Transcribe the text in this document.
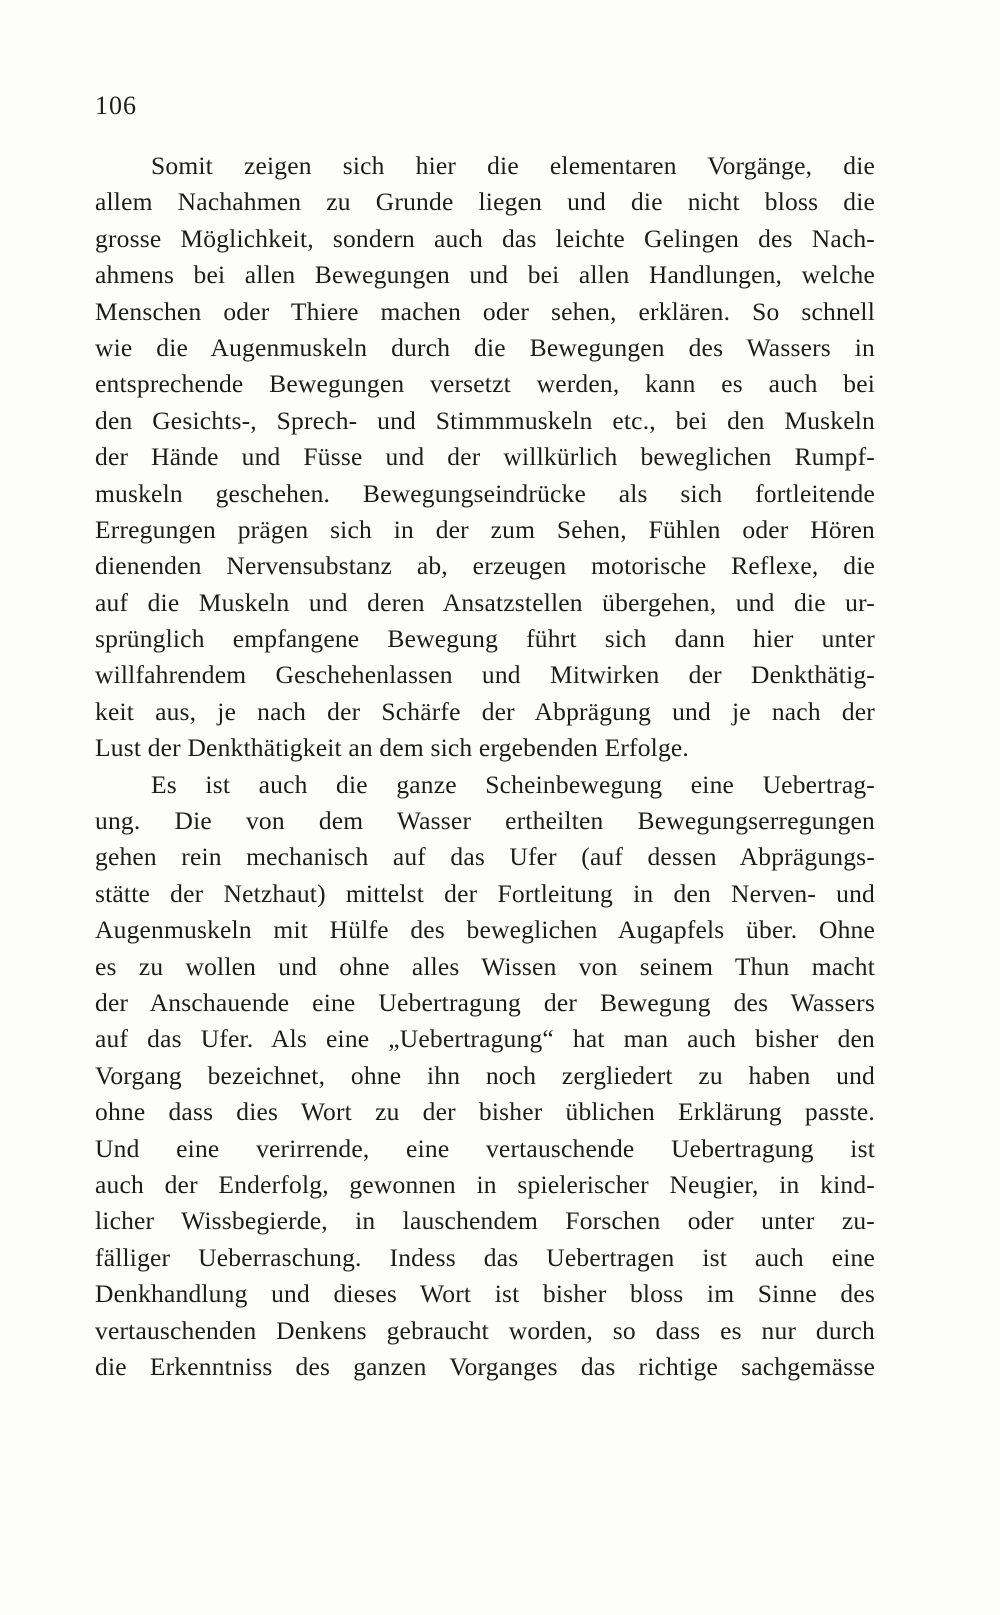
106
Somit zeigen sich hier die elementaren Vorgänge, die
allem Nachahmen zu Grunde liegen und die nicht bloss die
grosse Möglichkeit, sondern auch das leichte Gelingen des Nach-
ahmens bei allen Bewegungen und bei allen Handlungen, welche
Menschen oder Thiere machen oder sehen, erklären. So schnell
wie die Augenmuskeln durch die Bewegungen des Wassers in
entsprechende Bewegungen versetzt werden, kann es auch bei
den Gesichts-, Sprech- und Stimmmuskeln etc., bei den Muskeln
der Hände und Füsse und der willkürlich beweglichen Rumpf-
muskeln geschehen. Bewegungseindrücke als sich fortleitende
Erregungen prägen sich in der zum Sehen, Fühlen oder Hören
dienenden Nervensubstanz ab, erzeugen motorische Reflexe, die
auf die Muskeln und deren Ansatzstellen übergehen, und die ur-
sprünglich empfangene Bewegung führt sich dann hier unter
willfahrendem Geschehenlassen und Mitwirken der Denkthätig-
keit aus, je nach der Schärfe der Abprägung und je nach der
Lust der Denkthätigkeit an dem sich ergebenden Erfolge.
Es ist auch die ganze Scheinbewegung eine Uebertrag-
ung. Die von dem Wasser ertheilten Bewegungserregungen
gehen rein mechanisch auf das Ufer (auf dessen Abprägungs-
stätte der Netzhaut) mittelst der Fortleitung in den Nerven- und
Augenmuskeln mit Hülfe des beweglichen Augapfels über. Ohne
es zu wollen und ohne alles Wissen von seinem Thun macht
der Anschauende eine Uebertragung der Bewegung des Wassers
auf das Ufer. Als eine „Uebertragung“ hat man auch bisher den
Vorgang bezeichnet, ohne ihn noch zergliedert zu haben und
ohne dass dies Wort zu der bisher üblichen Erklärung passte.
Und eine verirrende, eine vertauschende Uebertragung ist
auch der Enderfolg, gewonnen in spielerischer Neugier, in kind-
licher Wissbegierde, in lauschendem Forschen oder unter zu-
fälliger Ueberraschung. Indess das Uebertragen ist auch eine
Denkhandlung und dieses Wort ist bisher bloss im Sinne des
vertauschenden Denkens gebraucht worden, so dass es nur durch
die Erkenntniss des ganzen Vorganges das richtige sachgemässe
